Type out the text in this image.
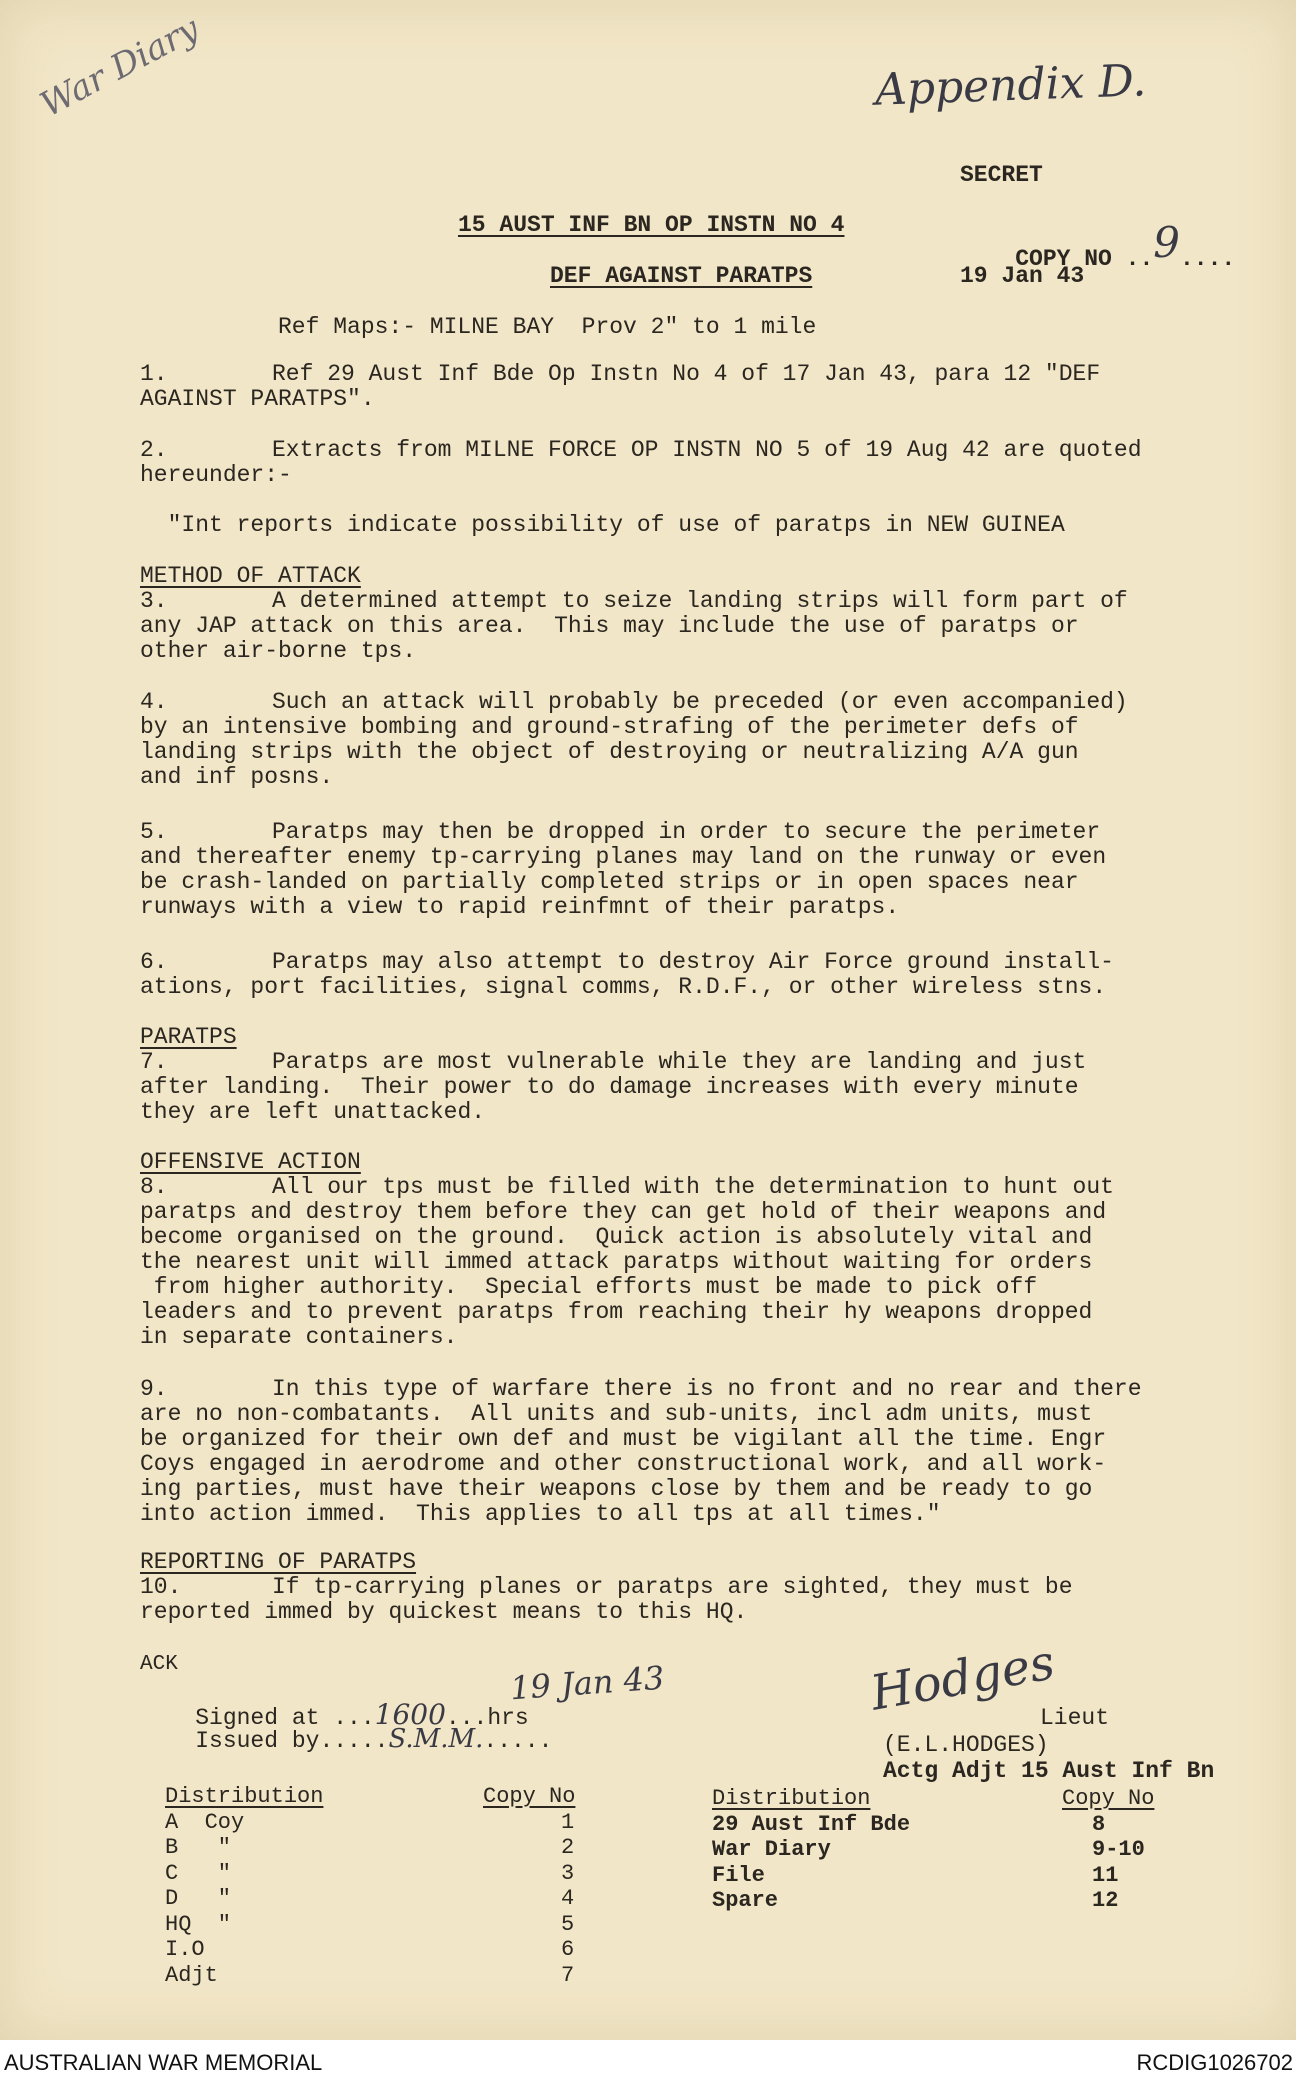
War Diary	Appendix D.
SECRET
15 AUST INF BN OP INSTN NO 4

COPY NO ..9....

DEF AGAINST PARATPS	19 Jan 43
Ref Maps:- MILNE BAY  Prov 2" to 1 mile
1.	Ref 29 Aust Inf Bde Op Instn No 4 of 17 Jan 43, para 12 "DEF
AGAINST PARATPS".
2.	Extracts from MILNE FORCE OP INSTN NO 5 of 19 Aug 42 are quoted
hereunder:-
"Int reports indicate possibility of use of paratps in NEW GUINEA
METHOD OF ATTACK
3.	A determined attempt to seize landing strips will form part of
any JAP attack on this area.  This may include the use of paratps or
other air-borne tps.
4.	Such an attack will probably be preceded (or even accompanied)
by an intensive bombing and ground-strafing of the perimeter defs of
landing strips with the object of destroying or neutralizing A/A gun
and inf posns.
5.	Paratps may then be dropped in order to secure the perimeter
and thereafter enemy tp-carrying planes may land on the runway or even
be crash-landed on partially completed strips or in open spaces near
runways with a view to rapid reinfmnt of their paratps.
6.	Paratps may also attempt to destroy Air Force ground install-
ations, port facilities, signal comms, R.D.F., or other wireless stns.
PARATPS
7.	Paratps are most vulnerable while they are landing and just
after landing.  Their power to do damage increases with every minute
they are left unattacked.
OFFENSIVE ACTION
8.	All our tps must be filled with the determination to hunt out
paratps and destroy them before they can get hold of their weapons and
become organised on the ground.  Quick action is absolutely vital and
the nearest unit will immed attack paratps without waiting for orders
from higher authority.  Special efforts must be made to pick off
leaders and to prevent paratps from reaching their hy weapons dropped
in separate containers.
9.	In this type of warfare there is no front and no rear and there
are no non-combatants.  All units and sub-units, incl adm units, must
be organized for their own def and must be vigilant all the time. Engr
Coys engaged in aerodrome and other constructional work, and all work-
ing parties, must have their weapons close by them and be ready to go
into action immed.  This applies to all tps at all times."
REPORTING OF PARATPS
10.	If tp-carrying planes or paratps are sighted, they must be
reported immed by quickest means to this HQ.
ACK

Signed at ...1600...hrs

19 Jan 43

Issued by.....S.M.M......

Hodges
Lieut
(E.L.HODGES)
Actg Adjt 15 Aust Inf Bn
Distribution	Copy No
A  Coy	1
B   "	2
C   "	3
D   "	4
HQ  "	5
I.O	6
Adjt	7
Distribution	Copy No
29 Aust Inf Bde	8
War Diary	9-10
File	11
Spare	12
AUSTRALIAN WAR MEMORIAL	RCDIG1026702
